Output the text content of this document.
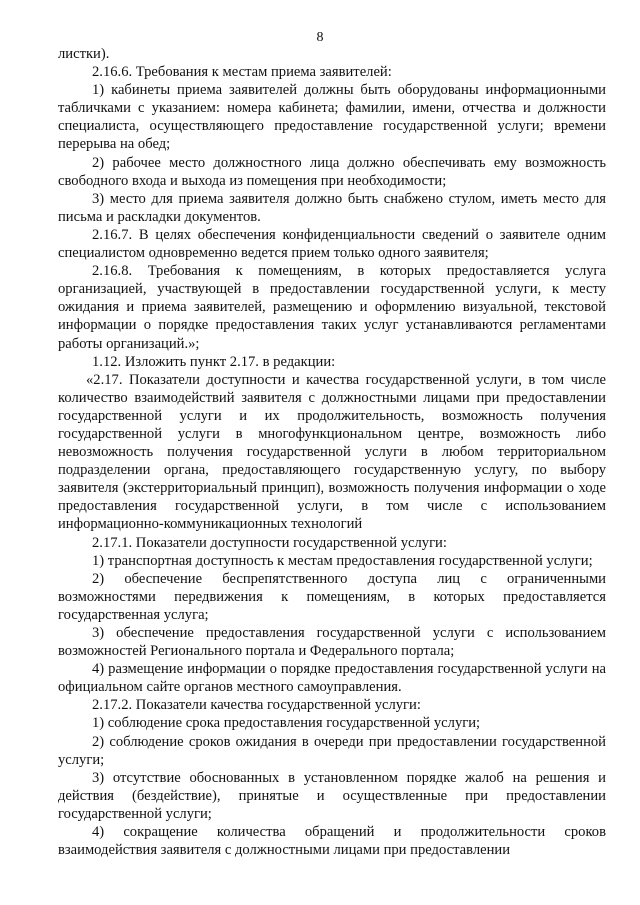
8

листки).

2.16.6. Требования к местам приема заявителей:

1) кабинеты приема заявителей должны быть оборудованы информационными табличками с указанием: номера кабинета; фамилии, имени, отчества и должности специалиста, осуществляющего предоставление государственной услуги; времени перерыва на обед;

2) рабочее место должностного лица должно обеспечивать ему возможность свободного входа и выхода из помещения при необходимости;

3) место для приема заявителя должно быть снабжено стулом, иметь место для письма и раскладки документов.

2.16.7. В целях обеспечения конфиденциальности сведений о заявителе одним специалистом одновременно ведется прием только одного заявителя;

2.16.8. Требования к помещениям, в которых предоставляется услуга организацией, участвующей в предоставлении государственной услуги, к месту ожидания и приема заявителей, размещению и оформлению визуальной, текстовой информации о порядке предоставления таких услуг устанавливаются регламентами работы организаций.»;

1.12. Изложить пункт 2.17. в редакции:

«2.17. Показатели доступности и качества государственной услуги, в том числе количество взаимодействий заявителя с должностными лицами при предоставлении государственной услуги и их продолжительность, возможность получения государственной услуги в многофункциональном центре, возможность либо невозможность получения государственной услуги в любом территориальном подразделении органа, предоставляющего государственную услугу, по выбору заявителя (экстерриториальный принцип), возможность получения информации о ходе предоставления государственной услуги, в том числе с использованием информационно-коммуникационных технологий

2.17.1. Показатели доступности государственной услуги:

1) транспортная доступность к местам предоставления государственной услуги;

2) обеспечение беспрепятственного доступа лиц с ограниченными возможностями передвижения к помещениям, в которых предоставляется государственная услуга;

3) обеспечение предоставления государственной услуги с использованием возможностей Регионального портала и Федерального портала;

4) размещение информации о порядке предоставления государственной услуги на официальном сайте органов местного самоуправления.

2.17.2. Показатели качества государственной услуги:

1) соблюдение срока предоставления государственной услуги;

2) соблюдение сроков ожидания в очереди при предоставлении государственной услуги;

3) отсутствие обоснованных в установленном порядке жалоб на решения и действия (бездействие), принятые и осуществленные при предоставлении государственной услуги;

4) сокращение количества обращений и продолжительности сроков взаимодействия заявителя с должностными лицами при предоставлении
